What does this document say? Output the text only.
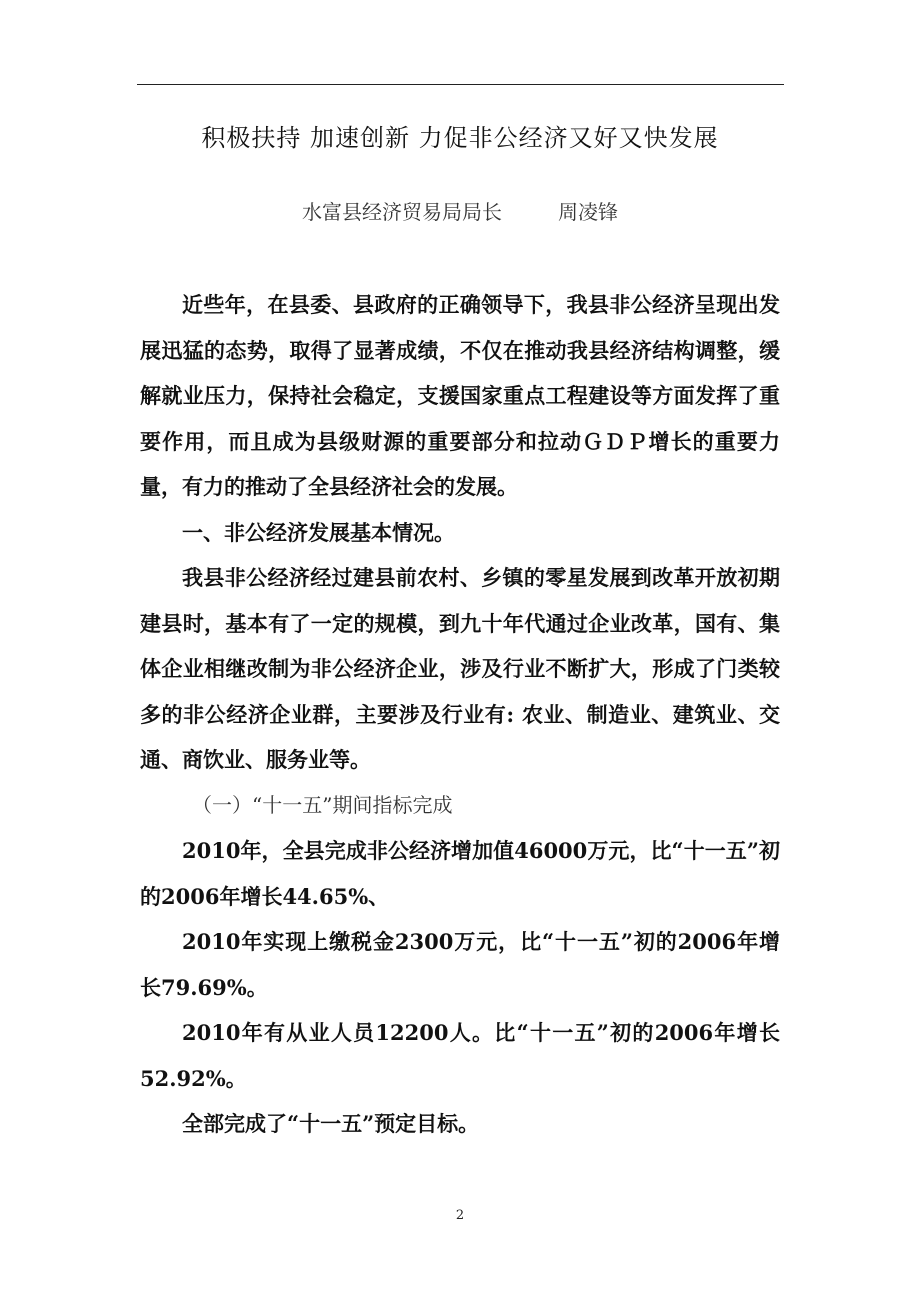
积极扶持 加速创新 力促非公经济又好又快发展
水富县经济贸易局局长	周凌锋

近些年，在县委、县政府的正确领导下，我县非公经济呈现出发展迅猛的态势，取得了显著成绩，不仅在推动我县经济结构调整，缓解就业压力，保持社会稳定，支援国家重点工程建设等方面发挥了重要作用，而且成为县级财源的重要部分和拉动ＧＤＰ增长的重要力量，有力的推动了全县经济社会的发展。

一、非公经济发展基本情况。

我县非公经济经过建县前农村、乡镇的零星发展到改革开放初期建县时，基本有了一定的规模，到九十年代通过企业改革，国有、集体企业相继改制为非公经济企业，涉及行业不断扩大，形成了门类较多的非公经济企业群，主要涉及行业有: 农业、制造业、建筑业、交通、商饮业、服务业等。

（一）“十一五”期间指标完成

2010年，全县完成非公经济增加值46000万元，比“十一五”初的2006年增长44.65%、

2010年实现上缴税金2300万元，比“十一五”初的2006年增长79.69%。

2010年有从业人员12200人。比“十一五”初的2006年增长52.92%。

全部完成了“十一五”预定目标。

2
